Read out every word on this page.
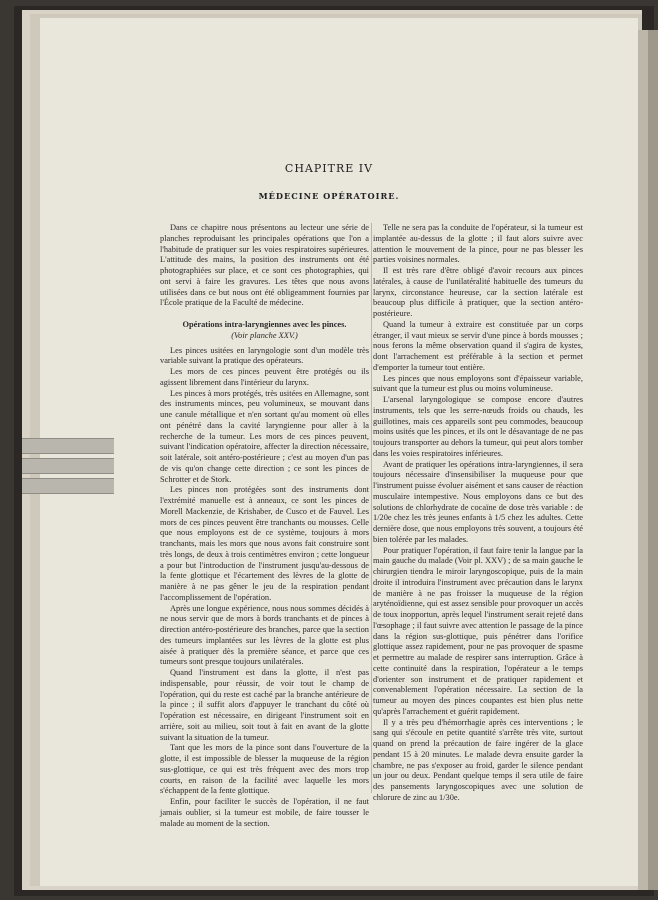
CHAPITRE IV
MÉDECINE OPÉRATOIRE.

Dans ce chapitre nous présentons au lecteur une série de planches reproduisant les principales opérations que l'on a l'habitude de pratiquer sur les voies respiratoires supérieures. L'attitude des mains, la position des instruments ont été photographiées sur place, et ce sont ces photographies, qui ont servi à faire les gravures. Les têtes que nous avons utilisées dans ce but nous ont été obligeamment fournies par l'École pratique de la Faculté de médecine.

Opérations intra-laryngiennes avec les pinces.

(Voir planche XXV.)

Les pinces usitées en laryngologie sont d'un modèle très variable suivant la pratique des opérateurs.

Les mors de ces pinces peuvent être protégés ou ils agissent librement dans l'intérieur du larynx.

Les pinces à mors protégés, très usitées en Allemagne, sont des instruments minces, peu volumineux, se mouvant dans une canule métallique et n'en sortant qu'au moment où elles ont pénétré dans la cavité laryngienne pour aller à la recherche de la tumeur. Les mors de ces pinces peuvent, suivant l'indication opératoire, affecter la direction nécessaire, soit latérale, soit antéro-postérieure ; c'est au moyen d'un pas de vis qu'on change cette direction ; ce sont les pinces de Schrotter et de Stork.

Les pinces non protégées sont des instruments dont l'extrémité manuelle est à anneaux, ce sont les pinces de Morell Mackenzie, de Krishaber, de Cusco et de Fauvel. Les mors de ces pinces peuvent être tranchants ou mousses. Celle que nous employons est de ce système, toujours à mors tranchants, mais les mors que nous avons fait construire sont très longs, de deux à trois centimètres environ ; cette longueur a pour but l'introduction de l'instrument jusqu'au-dessous de la fente glottique et l'écartement des lèvres de la glotte de manière à ne pas gêner le jeu de la respiration pendant l'accomplissement de l'opération.

Après une longue expérience, nous nous sommes décidés à ne nous servir que de mors à bords tranchants et de pinces à direction antéro-postérieure des branches, parce que la section des tumeurs implantées sur les lèvres de la glotte est plus aisée à pratiquer dès la première séance, et parce que ces tumeurs sont presque toujours unilatérales.

Quand l'instrument est dans la glotte, il n'est pas indispensable, pour réussir, de voir tout le champ de l'opération, qui du reste est caché par la branche antérieure de la pince ; il suffit alors d'appuyer le tranchant du côté où l'opération est nécessaire, en dirigeant l'instrument soit en arrière, soit au milieu, soit tout à fait en avant de la glotte suivant la situation de la tumeur.

Tant que les mors de la pince sont dans l'ouverture de la glotte, il est impossible de blesser la muqueuse de la région sus-glottique, ce qui est très fréquent avec des mors trop courts, en raison de la facilité avec laquelle les mors s'échappent de la fente glottique.

Enfin, pour faciliter le succès de l'opération, il ne faut jamais oublier, si la tumeur est mobile, de faire tousser le malade au moment de la section.

Telle ne sera pas la conduite de l'opérateur, si la tumeur est implantée au-dessus de la glotte ; il faut alors suivre avec attention le mouvement de la pince, pour ne pas blesser les parties voisines normales.

Il est très rare d'être obligé d'avoir recours aux pinces latérales, à cause de l'unilatéralité habituelle des tumeurs du larynx, circonstance heureuse, car la section latérale est beaucoup plus difficile à pratiquer, que la section antéro-postérieure.

Quand la tumeur à extraire est constituée par un corps étranger, il vaut mieux se servir d'une pince à bords mousses ; nous ferons la même observation quand il s'agira de kystes, dont l'arrachement est préférable à la section et permet d'emporter la tumeur tout entière.

Les pinces que nous employons sont d'épaisseur variable, suivant que la tumeur est plus ou moins volumineuse.

L'arsenal laryngologique se compose encore d'autres instruments, tels que les serre-nœuds froids ou chauds, les guillotines, mais ces appareils sont peu commodes, beaucoup moins usités que les pinces, et ils ont le désavantage de ne pas toujours transporter au dehors la tumeur, qui peut alors tomber dans les voies respiratoires inférieures.

Avant de pratiquer les opérations intra-laryngiennes, il sera toujours nécessaire d'insensibiliser la muqueuse pour que l'instrument puisse évoluer aisément et sans causer de réaction musculaire intempestive. Nous employons dans ce but des solutions de chlorhydrate de cocaïne de dose très variable : de 1/20e chez les très jeunes enfants à 1/5 chez les adultes. Cette dernière dose, que nous employons très souvent, a toujours été bien tolérée par les malades.

Pour pratiquer l'opération, il faut faire tenir la langue par la main gauche du malade (Voir pl. XXV) ; de sa main gauche le chirurgien tiendra le miroir laryngoscopique, puis de la main droite il introduira l'instrument avec précaution dans le larynx de manière à ne pas froisser la muqueuse de la région aryténoïdienne, qui est assez sensible pour provoquer un accès de toux inopportun, après lequel l'instrument serait rejeté dans l'œsophage ; il faut suivre avec attention le passage de la pince dans la région sus-glottique, puis pénétrer dans l'orifice glottique assez rapidement, pour ne pas provoquer de spasme et permettre au malade de respirer sans interruption. Grâce à cette continuité dans la respiration, l'opérateur a le temps d'orienter son instrument et de pratiquer rapidement et convenablement l'opération nécessaire. La section de la tumeur au moyen des pinces coupantes est bien plus nette qu'après l'arrachement et guérit rapidement.

Il y a très peu d'hémorrhagie après ces interventions ; le sang qui s'écoule en petite quantité s'arrête très vite, surtout quand on prend la précaution de faire ingérer de la glace pendant 15 à 20 minutes. Le malade devra ensuite garder la chambre, ne pas s'exposer au froid, garder le silence pendant un jour ou deux. Pendant quelque temps il sera utile de faire des pansements laryngoscopiques avec une solution de chlorure de zinc au 1/30e.
